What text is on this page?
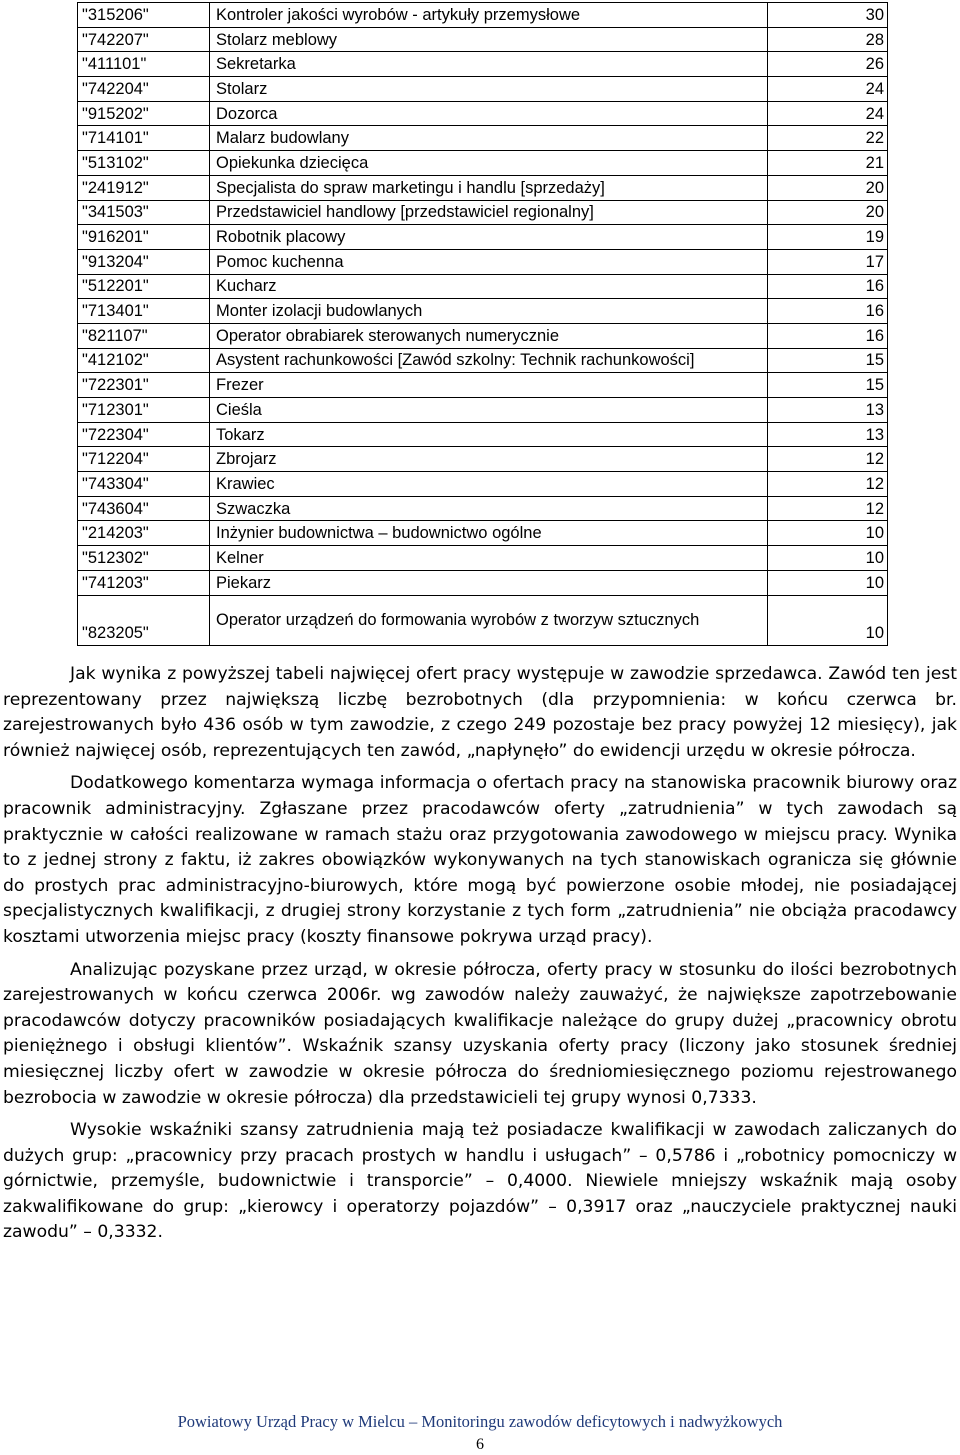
"315206"	Kontroler jakości wyrobów - artykuły przemysłowe	30
"742207"	Stolarz meblowy	28
"411101"	Sekretarka	26
"742204"	Stolarz	24
"915202"	Dozorca	24
"714101"	Malarz budowlany	22
"513102"	Opiekunka dziecięca	21
"241912"	Specjalista do spraw marketingu i handlu [sprzedaży]	20
"341503"	Przedstawiciel handlowy [przedstawiciel regionalny]	20
"916201"	Robotnik placowy	19
"913204"	Pomoc kuchenna	17
"512201"	Kucharz	16
"713401"	Monter izolacji budowlanych	16
"821107"	Operator obrabiarek sterowanych numerycznie	16
"412102"	Asystent rachunkowości [Zawód szkolny: Technik rachunkowości]	15
"722301"	Frezer	15
"712301"	Cieśla	13
"722304"	Tokarz	13
"712204"	Zbrojarz	12
"743304"	Krawiec	12
"743604"	Szwaczka	12
"214203"	Inżynier budownictwa – budownictwo ogólne	10
"512302"	Kelner	10
"741203"	Piekarz	10
"823205"	Operator urządzeń do formowania wyrobów z tworzyw sztucznych	10

Jak wynika z powyższej tabeli najwięcej ofert pracy występuje w zawodzie sprzedawca. Zawód ten jest reprezentowany przez największą liczbę bezrobotnych (dla przypomnienia: w końcu czerwca br. zarejestrowanych było 436 osób w tym zawodzie, z czego 249 pozostaje bez pracy powyżej 12 miesięcy), jak również najwięcej osób, reprezentujących ten zawód, „napłynęło” do ewidencji urzędu w okresie półrocza.

Dodatkowego komentarza wymaga informacja o ofertach pracy na stanowiska pracownik biurowy oraz pracownik administracyjny. Zgłaszane przez pracodawców oferty „zatrudnienia” w tych zawodach są praktycznie w całości realizowane w ramach stażu oraz przygotowania zawodowego w miejscu pracy. Wynika to z jednej strony z faktu, iż zakres obowiązków wykonywanych na tych stanowiskach ogranicza się głównie do prostych prac administracyjno-biurowych, które mogą być powierzone osobie młodej, nie posiadającej specjalistycznych kwalifikacji, z drugiej strony korzystanie z tych form „zatrudnienia” nie obciąża pracodawcy kosztami utworzenia miejsc pracy (koszty finansowe pokrywa urząd pracy).

Analizując pozyskane przez urząd, w okresie półrocza, oferty pracy w stosunku do ilości bezrobotnych zarejestrowanych w końcu czerwca 2006r. wg zawodów należy zauważyć, że największe zapotrzebowanie pracodawców dotyczy pracowników posiadających kwalifikacje należące do grupy dużej „pracownicy obrotu pieniężnego i obsługi klientów”. Wskaźnik szansy uzyskania oferty pracy (liczony jako stosunek średniej miesięcznej liczby ofert w zawodzie w okresie półrocza do średniomiesięcznego poziomu rejestrowanego bezrobocia w zawodzie w okresie półrocza) dla przedstawicieli tej grupy wynosi 0,7333.

Wysokie wskaźniki szansy zatrudnienia mają też posiadacze kwalifikacji w zawodach zaliczanych do dużych grup: „pracownicy przy pracach prostych w handlu i usługach” – 0,5786 i „robotnicy pomocniczy w górnictwie, przemyśle, budownictwie i transporcie” – 0,4000. Niewiele mniejszy wskaźnik mają osoby zakwalifikowane do grup: „kierowcy i operatorzy pojazdów” – 0,3917 oraz „nauczyciele praktycznej nauki zawodu” – 0,3332.

Powiatowy Urząd Pracy w Mielcu – Monitoringu zawodów deficytowych i nadwyżkowych
6
